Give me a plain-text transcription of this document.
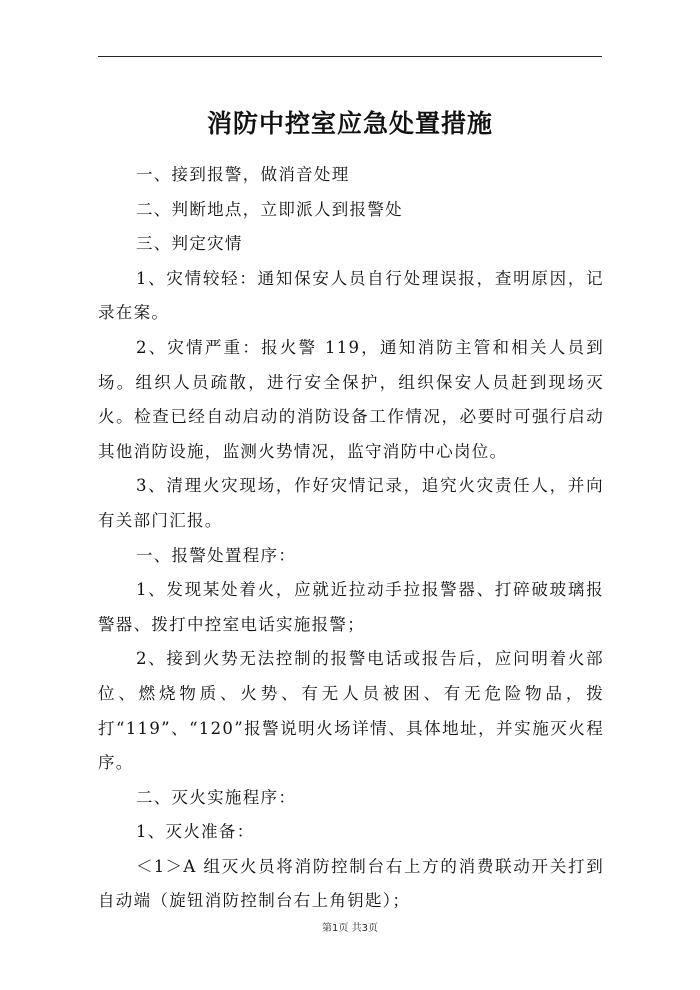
消防中控室应急处置措施

一、接到报警，做消音处理

二、判断地点，立即派人到报警处

三、判定灾情

1、灾情较轻：通知保安人员自行处理误报，查明原因，记录在案。

2、灾情严重：报火警 119，通知消防主管和相关人员到场。组织人员疏散，进行安全保护，组织保安人员赶到现场灭火。检查已经自动启动的消防设备工作情况，必要时可强行启动其他消防设施，监测火势情况，监守消防中心岗位。

3、清理火灾现场，作好灾情记录，追究火灾责任人，并向有关部门汇报。

一、报警处置程序：

1、发现某处着火，应就近拉动手拉报警器、打碎破玻璃报警器、拨打中控室电话实施报警；

2、接到火势无法控制的报警电话或报告后，应问明着火部位、燃烧物质、火势、有无人员被困、有无危险物品，拨打“119”、“120”报警说明火场详情、具体地址，并实施灭火程序。

二、灭火实施程序：

1、灭火准备：

＜1＞A 组灭火员将消防控制台右上方的消费联动开关打到自动端（旋钮消防控制台右上角钥匙）；

第1页 共3页
